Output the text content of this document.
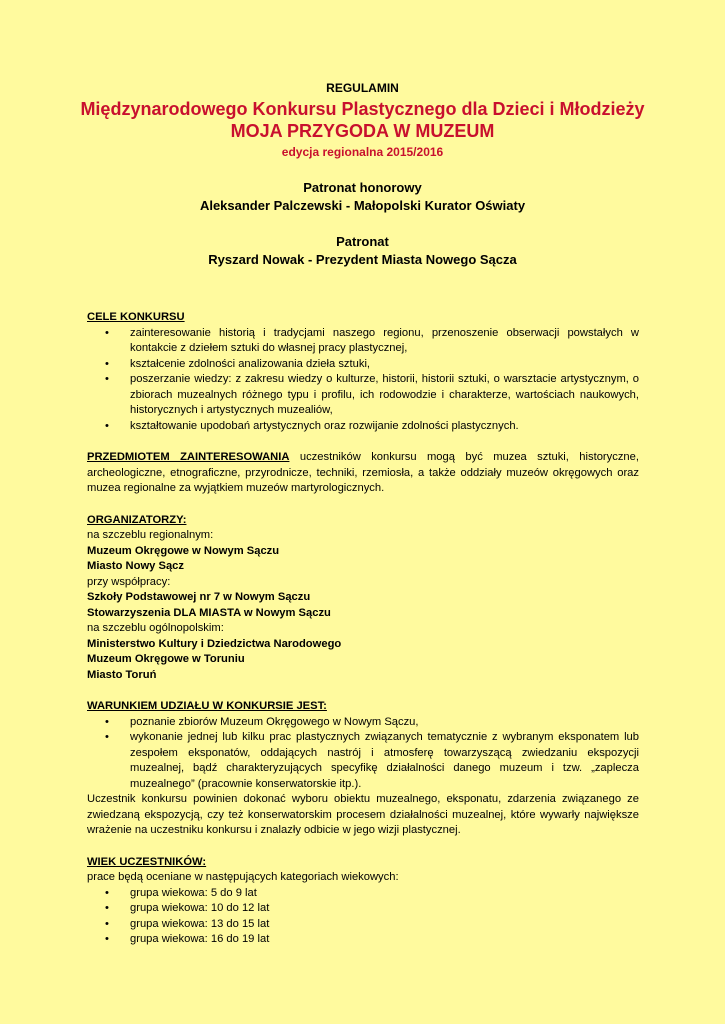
REGULAMIN
Międzynarodowego Konkursu Plastycznego dla Dzieci i Młodzieży
MOJA PRZYGODA W MUZEUM
edycja regionalna 2015/2016
Patronat honorowy
Aleksander Palczewski - Małopolski Kurator Oświaty
Patronat
Ryszard Nowak - Prezydent Miasta Nowego Sącza
CELE KONKURSU
• zainteresowanie historią i tradycjami naszego regionu, przenoszenie obserwacji powstałych w kontakcie z dziełem sztuki do własnej pracy plastycznej,
• kształcenie zdolności analizowania dzieła sztuki,
• poszerzanie wiedzy: z zakresu wiedzy o kulturze, historii, historii sztuki, o warsztacie artystycznym, o zbiorach muzealnych różnego typu i profilu, ich rodowodzie i charakterze, wartościach naukowych, historycznych i artystycznych muzealiów,
• kształtowanie upodobań artystycznych oraz rozwijanie zdolności plastycznych.
PRZEDMIOTEM ZAINTERESOWANIA uczestników konkursu mogą być muzea sztuki, historyczne, archeologiczne, etnograficzne, przyrodnicze, techniki, rzemiosła, a także oddziały muzeów okręgowych oraz muzea regionalne za wyjątkiem muzeów martyrologicznych.
ORGANIZATORZY:
na szczeblu regionalnym:
Muzeum Okręgowe w Nowym Sączu
Miasto Nowy Sącz
przy współpracy:
Szkoły Podstawowej nr 7 w Nowym Sączu
Stowarzyszenia DLA MIASTA w Nowym Sączu
na szczeblu ogólnopolskim:
Ministerstwo Kultury i Dziedzictwa Narodowego
Muzeum Okręgowe w Toruniu
Miasto Toruń
WARUNKIEM UDZIAŁU W KONKURSIE JEST:
• poznanie zbiorów Muzeum Okręgowego w Nowym Sączu,
• wykonanie jednej lub kilku prac plastycznych związanych tematycznie z wybranym eksponatem lub zespołem eksponatów, oddających nastrój i atmosferę towarzyszącą zwiedzaniu ekspozycji muzealnej, bądź charakteryzujących specyfikę działalności danego muzeum i tzw. „zaplecza muzealnego” (pracownie konserwatorskie itp.).
Uczestnik konkursu powinien dokonać wyboru obiektu muzealnego, eksponatu, zdarzenia związanego ze zwiedzaną ekspozycją, czy też konserwatorskim procesem działalności muzealnej, które wywarły największe wrażenie na uczestniku konkursu i znalazły odbicie w jego wizji plastycznej.
WIEK UCZESTNIKÓW:
prace będą oceniane w następujących kategoriach wiekowych:
• grupa wiekowa: 5 do 9 lat
• grupa wiekowa: 10 do 12 lat
• grupa wiekowa: 13 do 15 lat
• grupa wiekowa: 16 do 19 lat
